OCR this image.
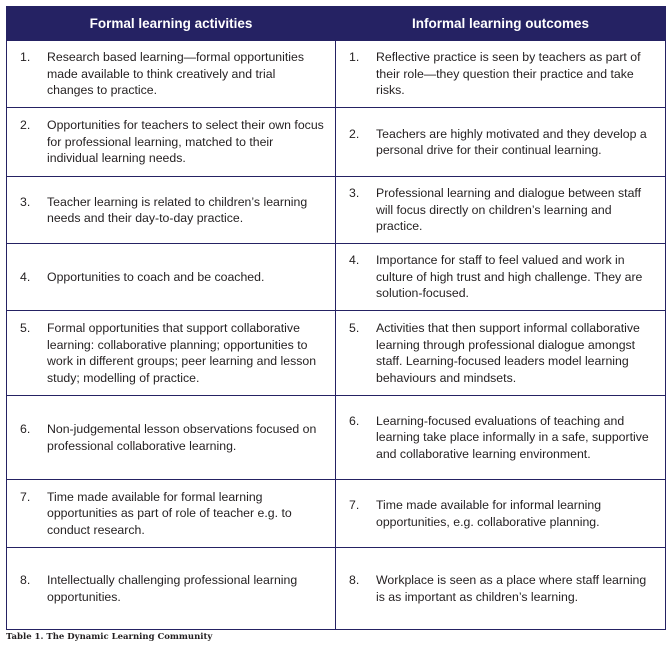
Formal learning activities	Informal learning outcomes

1. Research based learning—formal opportunities made available to think creatively and trial changes to practice.	1. Reflective practice is seen by teachers as part of their role—they question their practice and take risks.

2. Opportunities for teachers to select their own focus for professional learning, matched to their individual learning needs.	2. Teachers are highly motivated and they develop a personal drive for their continual learning.

3. Teacher learning is related to children’s learning needs and their day-to-day practice.	3. Professional learning and dialogue between staff will focus directly on children’s learning and practice.

4. Opportunities to coach and be coached.	4. Importance for staff to feel valued and work in culture of high trust and high challenge. They are solution-focused.

5. Formal opportunities that support collaborative learning: collaborative planning; opportunities to work in different groups; peer learning and lesson study; modelling of practice.	5. Activities that then support informal collaborative learning through professional dialogue amongst staff. Learning-focused leaders model learning behaviours and mindsets.

6. Non-judgemental lesson observations focused on professional collaborative learning.	6. Learning-focused evaluations of teaching and learning take place informally in a safe, supportive and collaborative learning environment.

7. Time made available for formal learning opportunities as part of role of teacher e.g. to conduct research.	7. Time made available for informal learning opportunities, e.g. collaborative planning.

8. Intellectually challenging professional learning opportunities.	8. Workplace is seen as a place where staff learning is as important as children’s learning.
Table 1. The Dynamic Learning Community
